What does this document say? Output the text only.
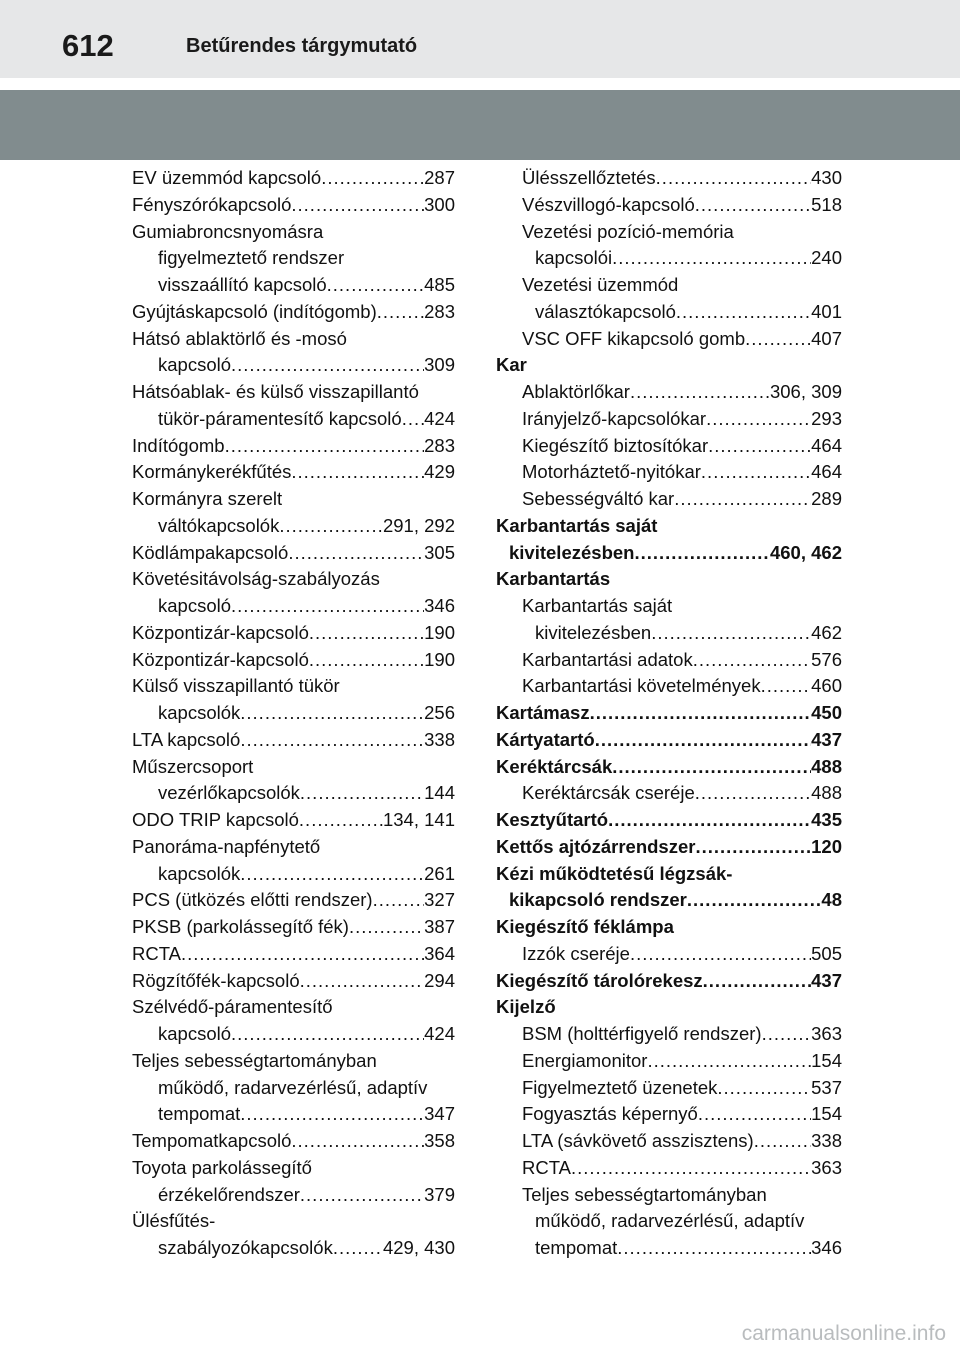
612	Betűrendes tárgymutató
EV üzemmód kapcsoló .....	287
Fényszórókapcsoló .....	300
Gumiabroncsnyomásra
figyelmeztető rendszer
visszaállító kapcsoló .....	485
Gyújtáskapcsoló (indítógomb) .....	283
Hátsó ablaktörlő és -mosó
kapcsoló .....	309
Hátsóablak- és külső visszapillantó
tükör-páramentesítő kapcsoló ..... 424
Indítógomb .....	283
Kormánykerékfűtés .....	429
Kormányra szerelt
váltókapcsolók .....	291, 292
Ködlámpakapcsoló .....	305
Követésitávolság-szabályozás
kapcsoló .....	346
Központizár-kapcsoló .....	190
Központizár-kapcsoló .....	190
Külső visszapillantó tükör
kapcsolók .....	256
LTA kapcsoló .....	338
Műszercsoport
vezérlőkapcsolók .....	144
ODO TRIP kapcsoló .....	134, 141
Panoráma-napfénytető
kapcsolók .....	261
PCS (ütközés előtti rendszer) .....	327
PKSB (parkolássegítő fék) .....	387
RCTA .....	364
Rögzítőfék-kapcsoló .....	294
Szélvédő-páramentesítő
kapcsoló .....	424
Teljes sebességtartományban
működő, radarvezérlésű, adaptív
tempomat .....	347
Tempomatkapcsoló .....	358
Toyota parkolássegítő
érzékelőrendszer .....	379
Ülésfűtés-
szabályozókapcsolók .....	429, 430
Ülésszellőztetés .....	430
Vészvillogó-kapcsoló .....	518
Vezetési pozíció-memória
kapcsolói .....	240
Vezetési üzemmód
választókapcsoló .....	401
VSC OFF kikapcsoló gomb .....	407
Kar
Ablaktörlőkar .....	306, 309
Irányjelző-kapcsolókar .....	293
Kiegészítő biztosítókar .....	464
Motorháztető-nyitókar .....	464
Sebességváltó kar .....	289
Karbantartás saját
kivitelezésben .....	460, 462
Karbantartás
Karbantartás saját
kivitelezésben .....	462
Karbantartási adatok .....	576
Karbantartási követelmények .....	460
Kartámasz .....	450
Kártyatartó .....	437
Keréktárcsák .....	488
Keréktárcsák cseréje .....	488
Kesztyűtartó .....	435
Kettős ajtózárrendszer .....	120
Kézi működtetésű légzsák-
kikapcsoló rendszer .....	48
Kiegészítő féklámpa
Izzók cseréje .....	505
Kiegészítő tárolórekesz .....	437
Kijelző
BSM (holttérfigyelő rendszer) .....	363
Energiamonitor .....	154
Figyelmeztető üzenetek .....	537
Fogyasztás képernyő .....	154
LTA (sávkövető asszisztens) .....	338
RCTA .....	363
Teljes sebességtartományban
működő, radarvezérlésű, adaptív
tempomat .....	346
carmanualsonline.info
